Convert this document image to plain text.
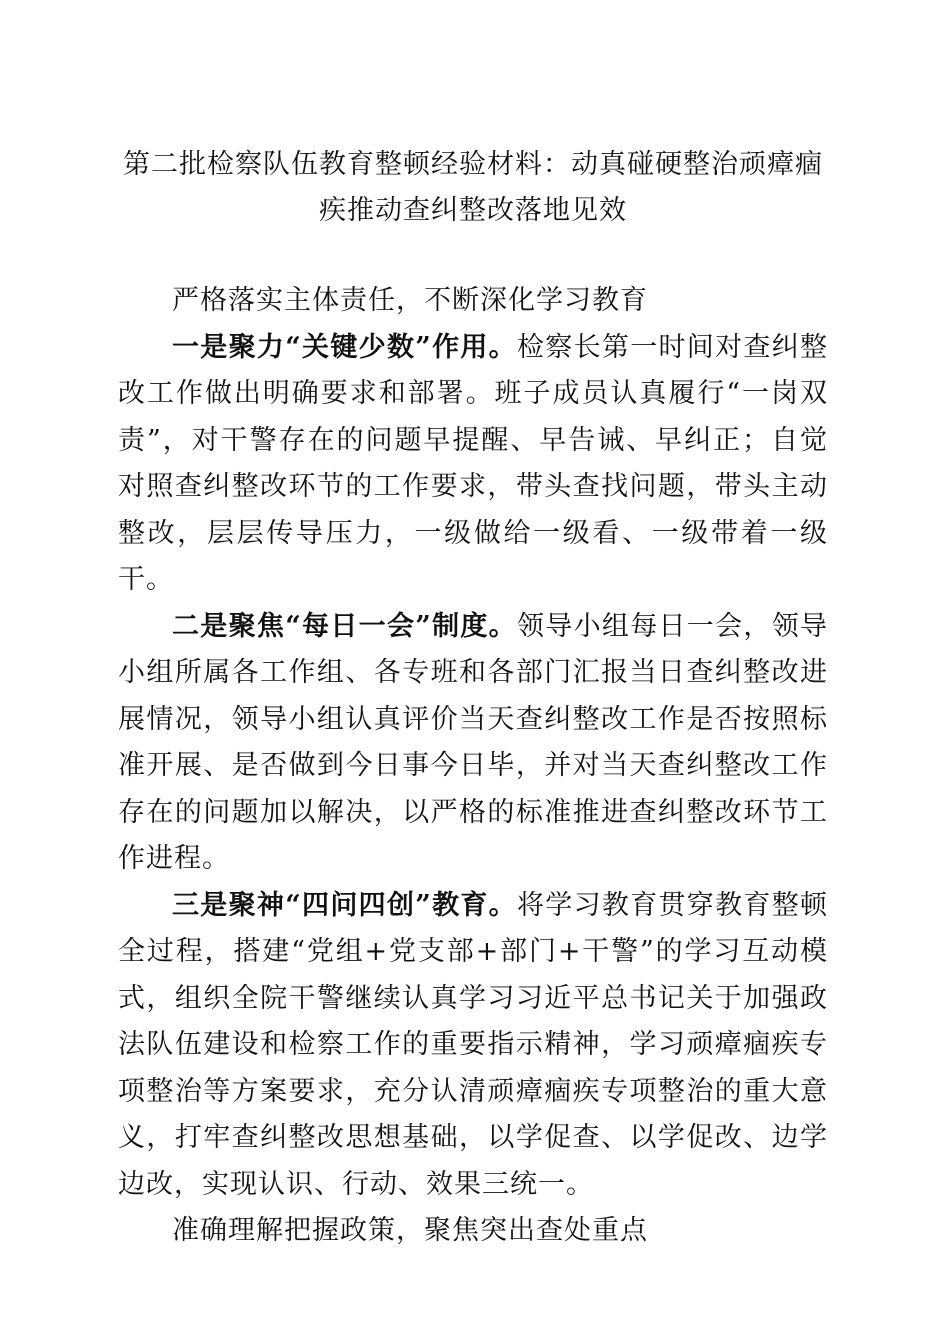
第二批检察队伍教育整顿经验材料：动真碰硬整治顽瘴痼疾推动查纠整改落地见效

严格落实主体责任，不断深化学习教育

一是聚力“关键少数”作用。检察长第一时间对查纠整改工作做出明确要求和部署。班子成员认真履行“一岗双责”，对干警存在的问题早提醒、早告诫、早纠正；自觉对照查纠整改环节的工作要求，带头查找问题，带头主动整改，层层传导压力，一级做给一级看、一级带着一级干。

二是聚焦“每日一会”制度。领导小组每日一会，领导小组所属各工作组、各专班和各部门汇报当日查纠整改进展情况，领导小组认真评价当天查纠整改工作是否按照标准开展、是否做到今日事今日毕，并对当天查纠整改工作存在的问题加以解决，以严格的标准推进查纠整改环节工作进程。

三是聚神“四问四创”教育。将学习教育贯穿教育整顿全过程，搭建“党组+党支部+部门+干警”的学习互动模式，组织全院干警继续认真学习习近平总书记关于加强政法队伍建设和检察工作的重要指示精神，学习顽瘴痼疾专项整治等方案要求，充分认清顽瘴痼疾专项整治的重大意义，打牢查纠整改思想基础，以学促查、以学促改、边学边改，实现认识、行动、效果三统一。

准确理解把握政策，聚焦突出查处重点
